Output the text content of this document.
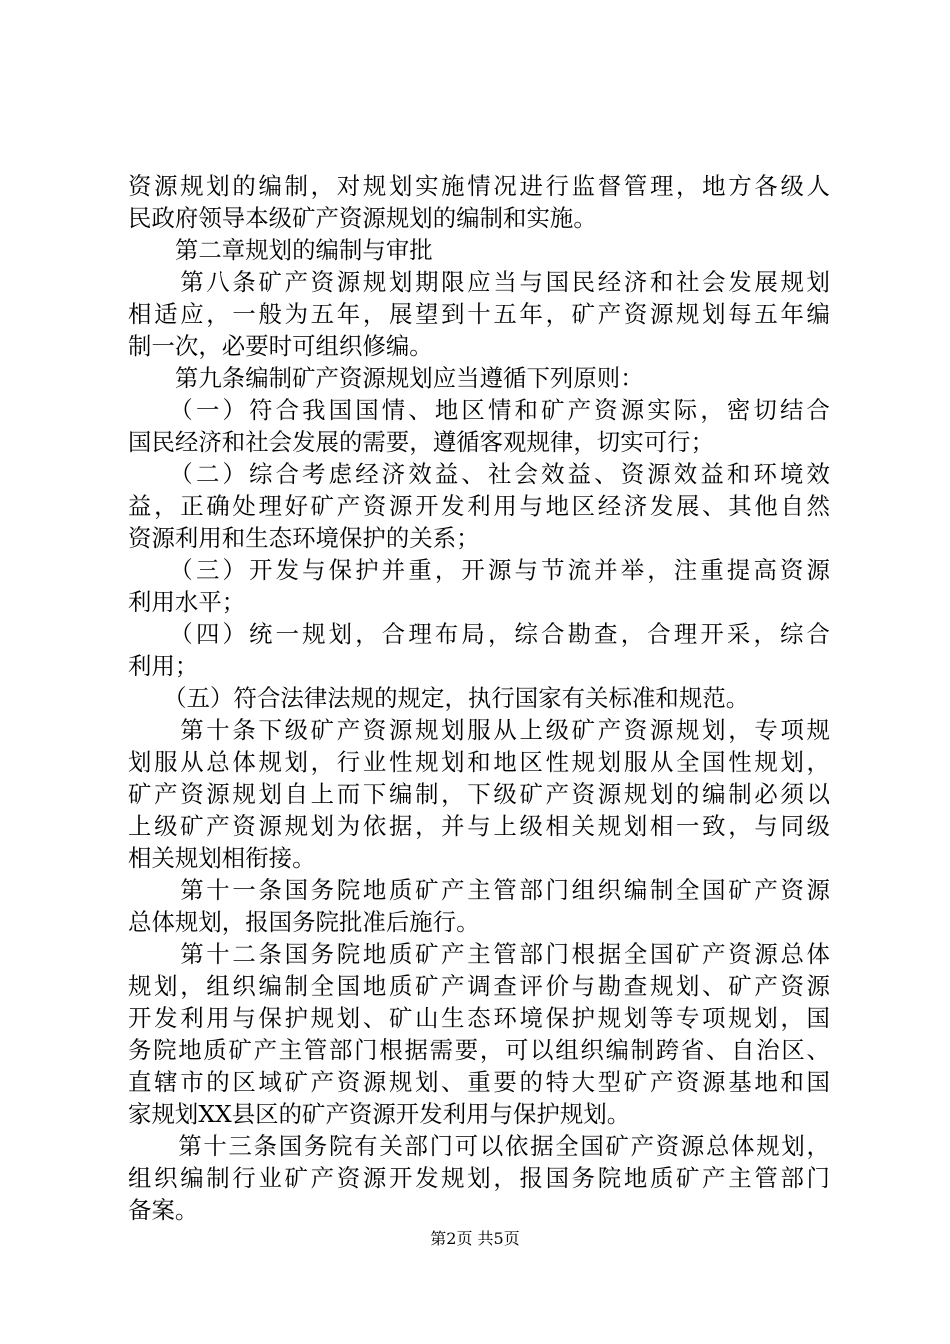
资源规划的编制，对规划实施情况进行监督管理，地方各级人
民政府领导本级矿产资源规划的编制和实施。
　　第二章规划的编制与审批
　　第八条矿产资源规划期限应当与国民经济和社会发展规划
相适应，一般为五年，展望到十五年，矿产资源规划每五年编
制一次，必要时可组织修编。
　　第九条编制矿产资源规划应当遵循下列原则：
　　（一）符合我国国情、地区情和矿产资源实际，密切结合
国民经济和社会发展的需要，遵循客观规律，切实可行；
　　（二）综合考虑经济效益、社会效益、资源效益和环境效
益，正确处理好矿产资源开发利用与地区经济发展、其他自然
资源利用和生态环境保护的关系；
　　（三）开发与保护并重，开源与节流并举，注重提高资源
利用水平；
　　（四）统一规划，合理布局，综合勘查，合理开采，综合
利用；
　　（五）符合法律法规的规定，执行国家有关标准和规范。
　　第十条下级矿产资源规划服从上级矿产资源规划，专项规
划服从总体规划，行业性规划和地区性规划服从全国性规划，
矿产资源规划自上而下编制，下级矿产资源规划的编制必须以
上级矿产资源规划为依据，并与上级相关规划相一致，与同级
相关规划相衔接。
　　第十一条国务院地质矿产主管部门组织编制全国矿产资源
总体规划，报国务院批准后施行。
　　第十二条国务院地质矿产主管部门根据全国矿产资源总体
规划，组织编制全国地质矿产调查评价与勘查规划、矿产资源
开发利用与保护规划、矿山生态环境保护规划等专项规划，国
务院地质矿产主管部门根据需要，可以组织编制跨省、自治区、
直辖市的区域矿产资源规划、重要的特大型矿产资源基地和国
家规划XX县区的矿产资源开发利用与保护规划。
　　第十三条国务院有关部门可以依据全国矿产资源总体规划，
组织编制行业矿产资源开发规划，报国务院地质矿产主管部门
备案。
第2页 共5页
